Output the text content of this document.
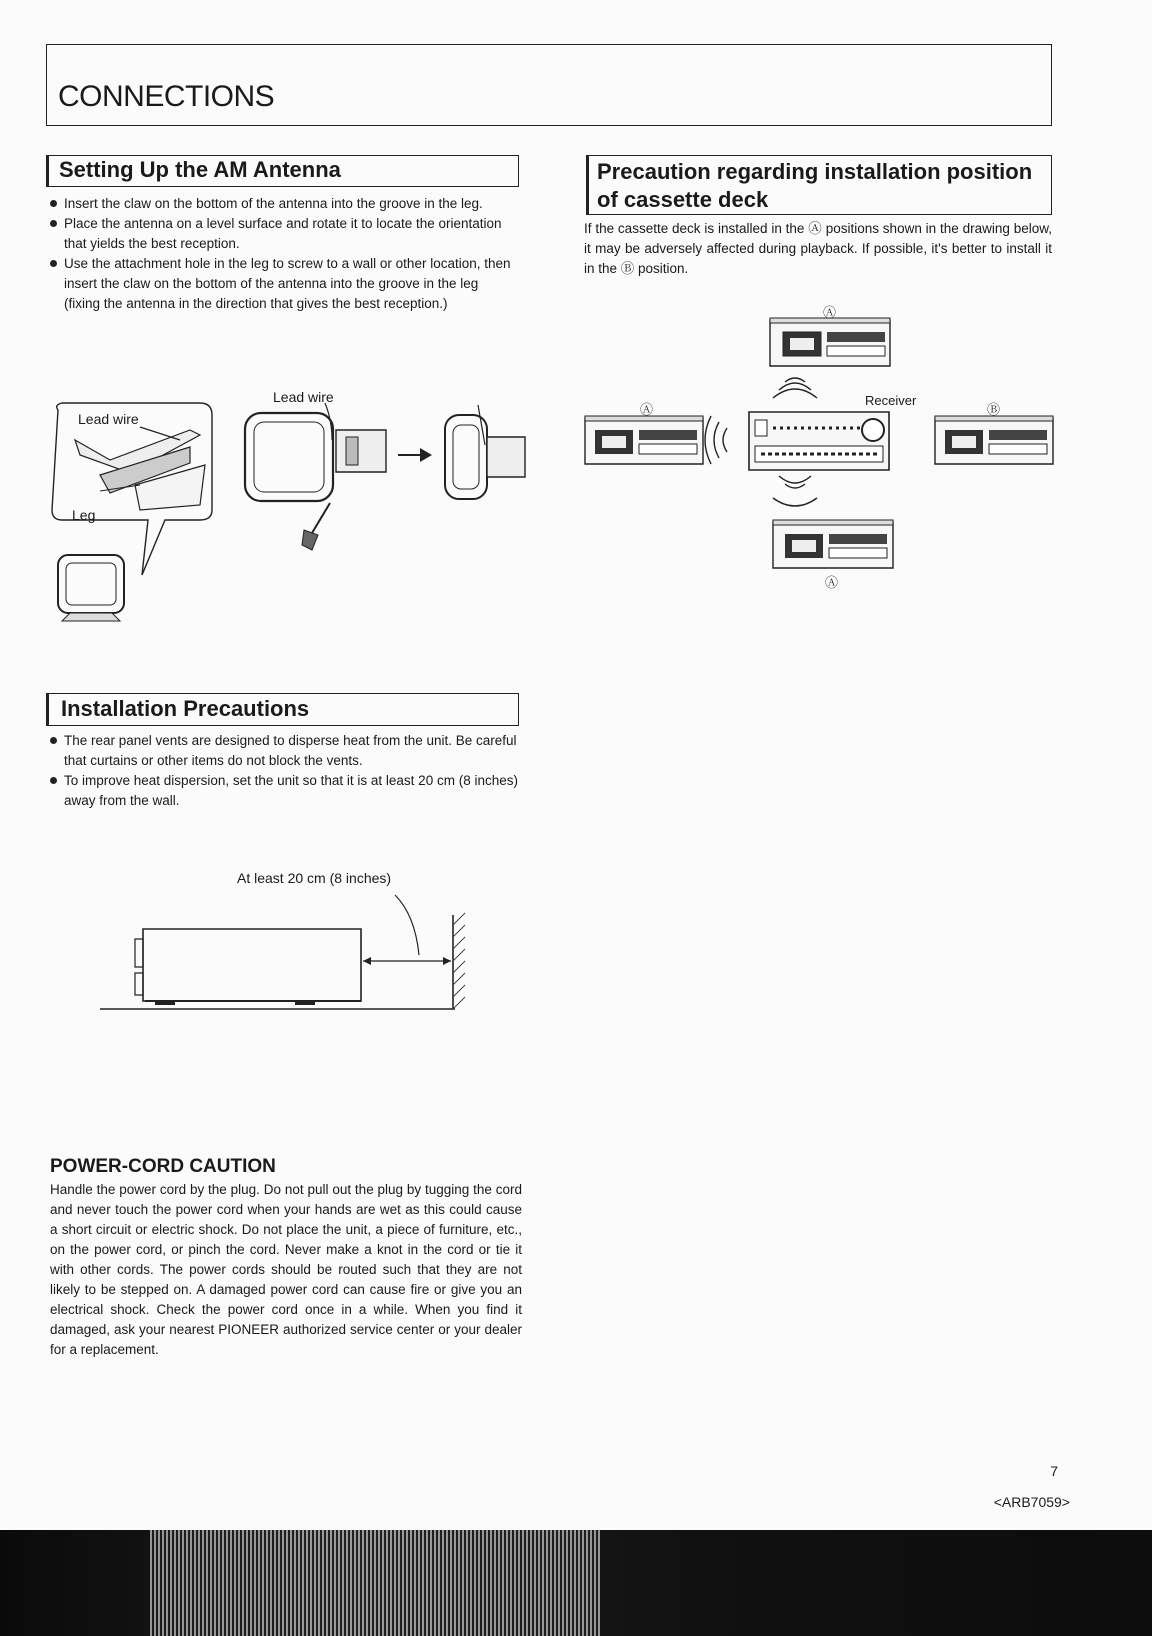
CONNECTIONS
Setting Up the AM Antenna
Insert the claw on the bottom of the antenna into the groove in the leg.
Place the antenna on a level surface and rotate it to locate the orientation that yields the best reception.
Use the attachment hole in the leg to screw to a wall or other location, then insert the claw on the bottom of the antenna into the groove in the leg (fixing the antenna in the direction that gives the best reception.)
Lead wire
Leg
Lead wire
Precaution regarding installation position of cassette deck

If the cassette deck is installed in the Ⓐ positions shown in the drawing below, it may be adversely affected during playback. If possible, it's better to install it in the Ⓑ position.

Ⓐ
Ⓐ
Receiver
Ⓑ
Ⓐ
Installation Precautions
The rear panel vents are designed to disperse heat from the unit. Be careful that curtains or other items do not block the vents.
To improve heat dispersion, set the unit so that it is at least 20 cm (8 inches) away from the wall.
At least 20 cm (8 inches)
POWER-CORD CAUTION

Handle the power cord by the plug. Do not pull out the plug by tugging the cord and never touch the power cord when your hands are wet as this could cause a short circuit or electric shock. Do not place the unit, a piece of furniture, etc., on the power cord, or pinch the cord. Never make a knot in the cord or tie it with other cords. The power cords should be routed such that they are not likely to be stepped on. A damaged power cord can cause fire or give you an electrical shock. Check the power cord once in a while. When you find it damaged, ask your nearest PIONEER authorized service center or your dealer for a replacement.

7
<ARB7059>
